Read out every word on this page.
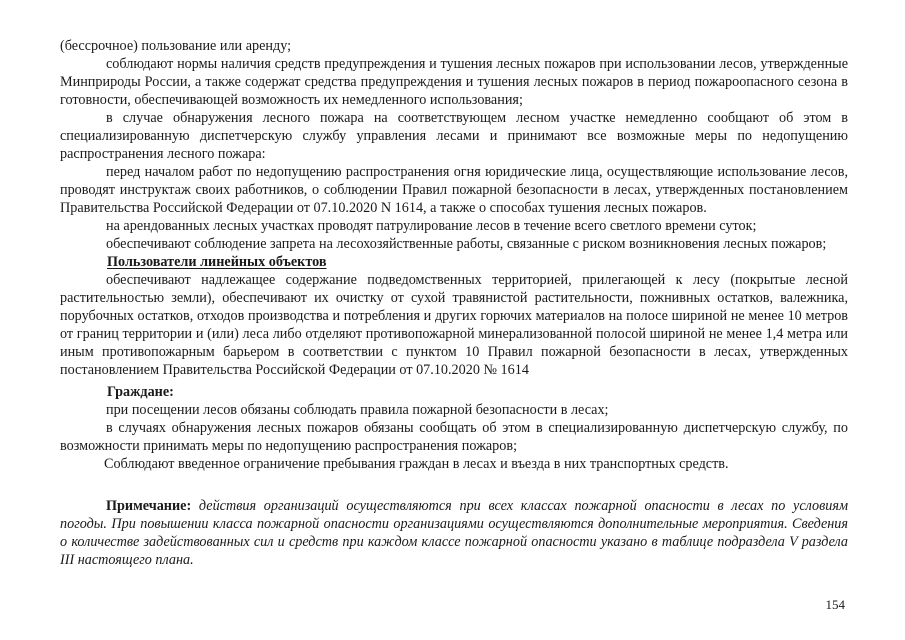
(бессрочное) пользование или аренду;

соблюдают нормы наличия средств предупреждения и тушения лесных пожаров при использовании лесов, утвержденные Минприроды России, а также содержат средства предупреждения и тушения лесных пожаров в период пожароопасного сезона в готовности, обеспечивающей возможность их немедленного использования;

в случае обнаружения лесного пожара на соответствующем лесном участке немедленно сообщают об этом в специализированную диспетчерскую службу управления лесами и принимают все возможные меры по недопущению распространения лесного пожара:

перед началом работ по недопущению распространения огня юридические лица, осуществляющие использование лесов, проводят инструктаж своих работников, о соблюдении Правил пожарной безопасности в лесах, утвержденных постановлением Правительства Российской Федерации от 07.10.2020 N 1614, а также о способах тушения лесных пожаров.

на арендованных лесных участках проводят патрулирование лесов в течение всего светлого времени суток;

обеспечивают соблюдение запрета на лесохозяйственные работы, связанные с риском возникновения лесных пожаров;

Пользователи линейных объектов

обеспечивают надлежащее содержание подведомственных территорией, прилегающей к лесу (покрытые лесной растительностью земли), обеспечивают их очистку от сухой травянистой растительности, пожнивных остатков, валежника, порубочных остатков, отходов производства и потребления и других горючих материалов на полосе шириной не менее 10 метров от границ территории и (или) леса либо отделяют противопожарной минерализованной полосой шириной не менее 1,4 метра или иным противопожарным барьером в соответствии с пунктом 10 Правил пожарной безопасности в лесах, утвержденных постановлением Правительства Российской Федерации от 07.10.2020 № 1614

Граждане:

при посещении лесов обязаны соблюдать правила пожарной безопасности в лесах;

в случаях обнаружения лесных пожаров обязаны сообщать об этом в специализированную диспетчерскую службу, по возможности принимать меры по недопущению распространения пожаров;

Соблюдают введенное ограничение пребывания граждан в лесах и въезда в них транспортных средств.

Примечание: действия организаций осуществляются при всех классах пожарной опасности в лесах по условиям погоды. При повышении класса пожарной опасности организациями осуществляются дополнительные мероприятия. Сведения о количестве задействованных сил и средств при каждом классе пожарной опасности указано в таблице подраздела V раздела III настоящего плана.

154
